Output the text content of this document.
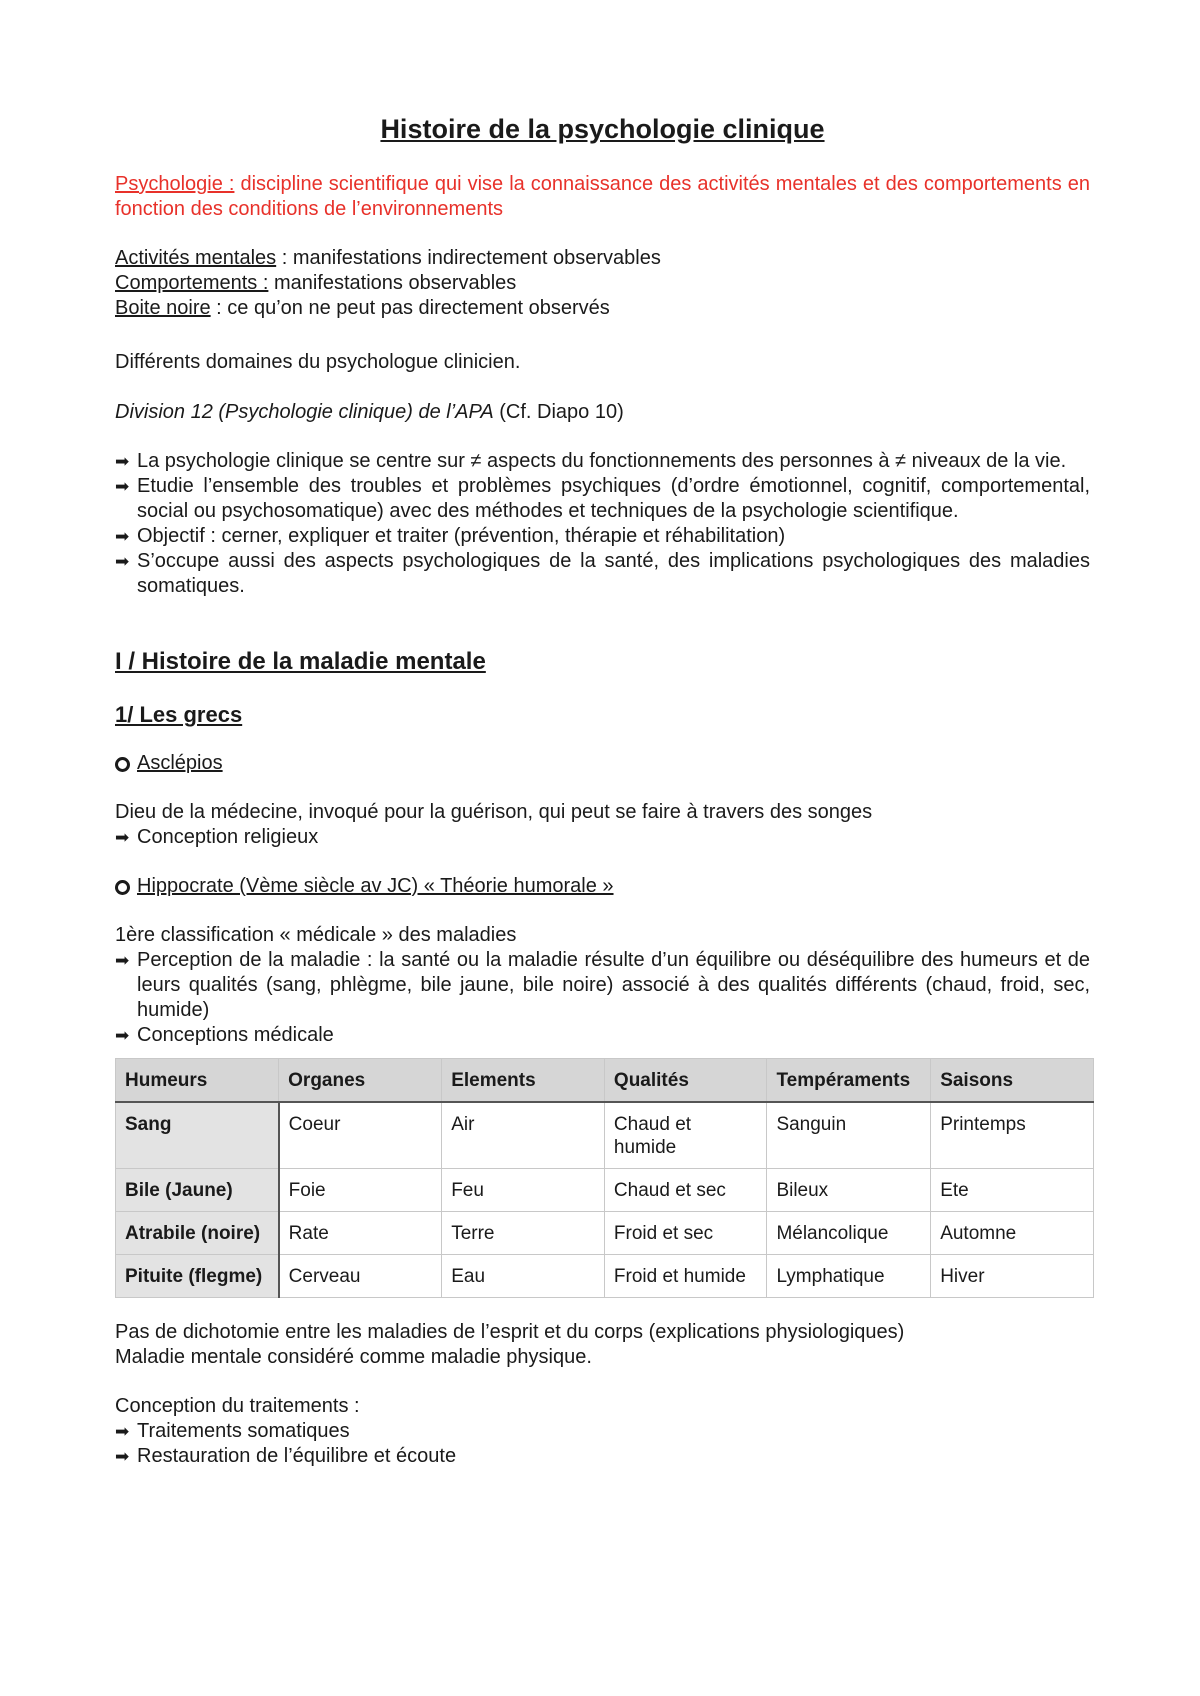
Histoire de la psychologie clinique

Psychologie : discipline scientifique qui vise la connaissance des activités mentales et des comportements en fonction des conditions de l’environnements

Activités mentales : manifestations indirectement observables

Comportements : manifestations observables

Boite noire : ce qu’on ne peut pas directement observés

Différents domaines du psychologue clinicien.

Division 12 (Psychologie clinique) de l’APA (Cf. Diapo 10)

➡ La psychologie clinique se centre sur ≠ aspects du fonctionnements des personnes à ≠ niveaux de la vie.
➡ Etudie l’ensemble des troubles et problèmes psychiques (d’ordre émotionnel, cognitif, comportemental, social ou psychosomatique) avec des méthodes et techniques de la psychologie scientifique.
➡ Objectif : cerner, expliquer et traiter (prévention, thérapie et réhabilitation)
➡ S’occupe aussi des aspects psychologiques de la santé, des implications psychologiques des maladies somatiques.
I / Histoire de la maladie mentale
1/ Les grecs

Asclépios

Dieu de la médecine, invoqué pour la guérison, qui peut se faire à travers des songes

➡ Conception religieux

Hippocrate (Vème siècle av JC) « Théorie humorale »

1ère classification « médicale » des maladies

➡ Perception de la maladie : la santé ou la maladie résulte d’un équilibre ou déséquilibre des humeurs et de leurs qualités (sang, phlègme, bile jaune, bile noire) associé à des qualités différents (chaud, froid, sec, humide)
➡ Conceptions médicale
Humeurs	Organes	Elements	Qualités	Tempéraments	Saisons
Sang	Coeur	Air	Chaud et humide	Sanguin	Printemps
Bile (Jaune)	Foie	Feu	Chaud et sec	Bileux	Ete
Atrabile (noire)	Rate	Terre	Froid et sec	Mélancolique	Automne
Pituite (flegme)	Cerveau	Eau	Froid et humide	Lymphatique	Hiver

Pas de dichotomie entre les maladies de l’esprit et du corps (explications physiologiques)

Maladie mentale considéré comme maladie physique.

Conception du traitements :

➡ Traitements somatiques
➡ Restauration de l’équilibre et écoute
